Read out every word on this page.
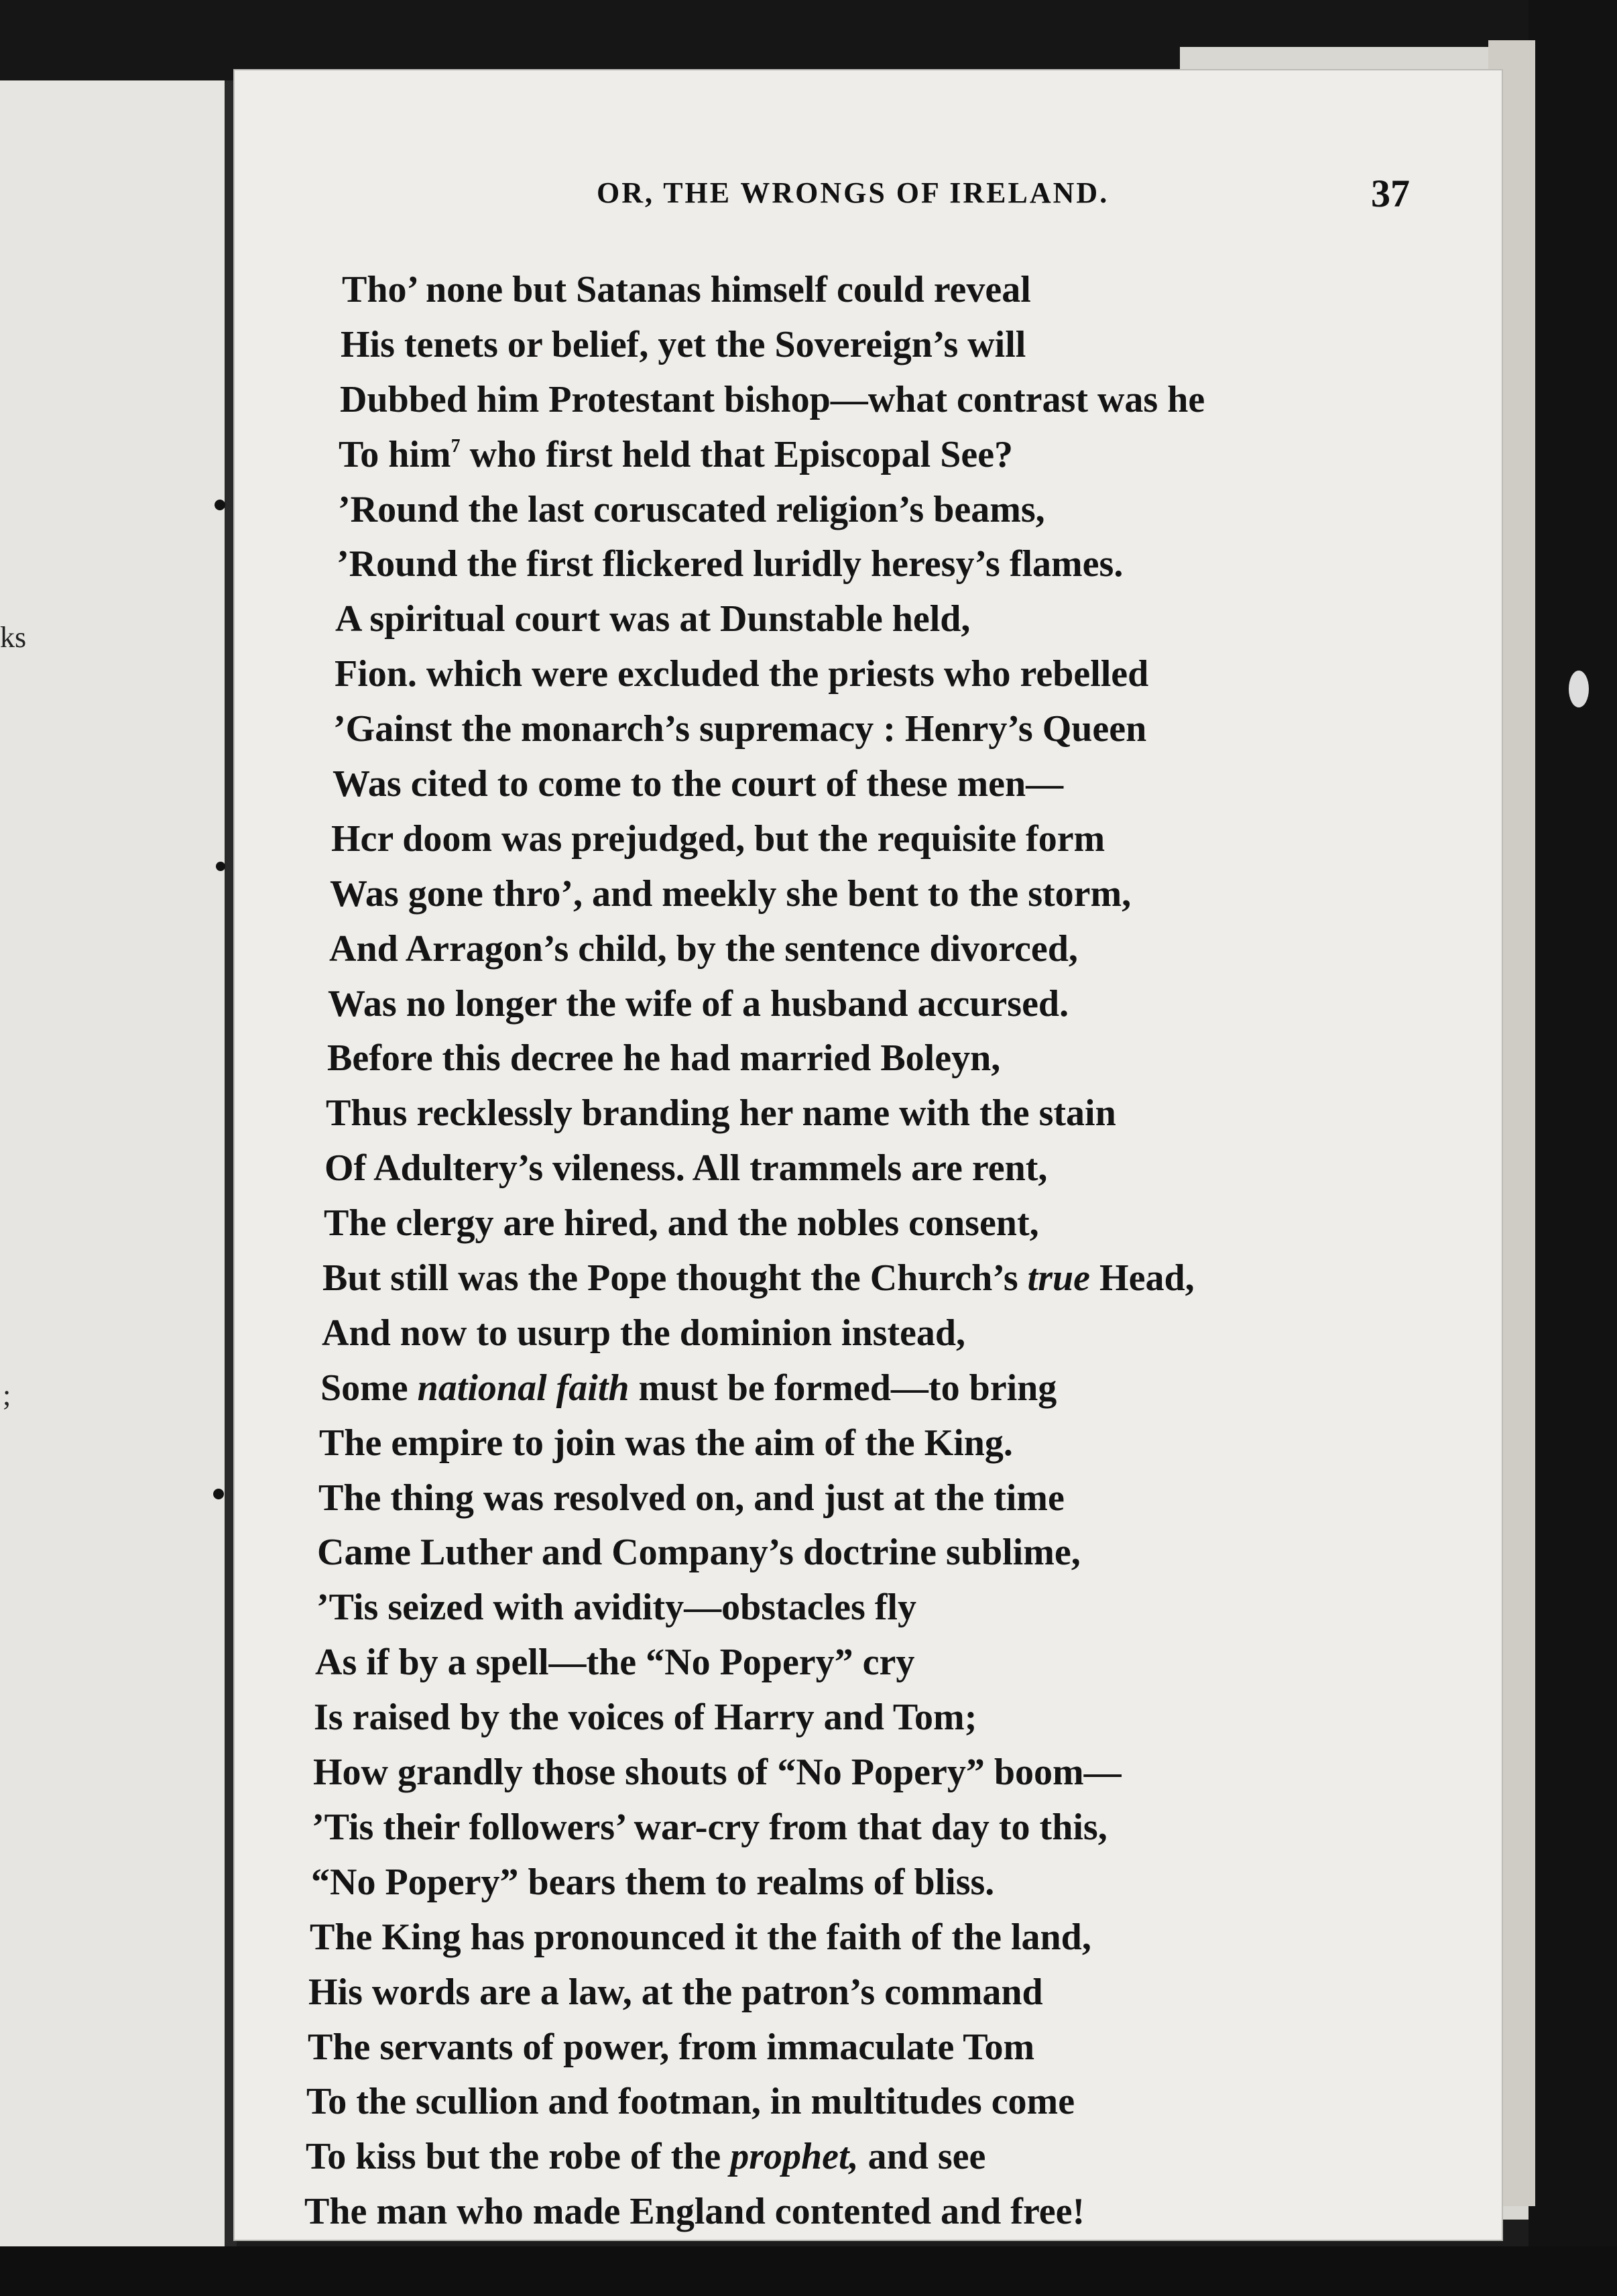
ks
;
OR, THE WRONGS OF IRELAND.	37
Tho’ none but Satanas himself could reveal
His tenets or belief, yet the Sovereign’s will
Dubbed him Protestant bishop—what contrast was he
To him$^7$ who first held that Episcopal See?
’Round the last coruscated religion’s beams,
’Round the first flickered luridly heresy’s flames.
A spiritual court was at Dunstable held,
Fion. which were excluded the priests who rebelled
’Gainst the monarch’s supremacy : Henry’s Queen
Was cited to come to the court of these men—
Hcr doom was prejudged, but the requisite form
Was gone thro’, and meekly she bent to the storm,
And Arragon’s child, by the sentence divorced,
Was no longer the wife of a husband accursed.
Before this decree he had married Boleyn,
Thus recklessly branding her name with the stain
Of Adultery’s vileness. All trammels are rent,
The clergy are hired, and the nobles consent,
But still was the Pope thought the Church’s true Head,
And now to usurp the dominion instead,
Some national faith must be formed—to bring
The empire to join was the aim of the King.
The thing was resolved on, and just at the time
Came Luther and Company’s doctrine sublime,
’Tis seized with avidity—obstacles fly
As if by a spell—the “No Popery” cry
Is raised by the voices of Harry and Tom;
How grandly those shouts of “No Popery” boom—
’Tis their followers’ war-cry from that day to this,
“No Popery” bears them to realms of bliss.
The King has pronounced it the faith of the land,
His words are a law, at the patron’s command
The servants of power, from immaculate Tom
To the scullion and footman, in multitudes come
To kiss but the robe of the prophet, and see
The man who made England contented and free!
